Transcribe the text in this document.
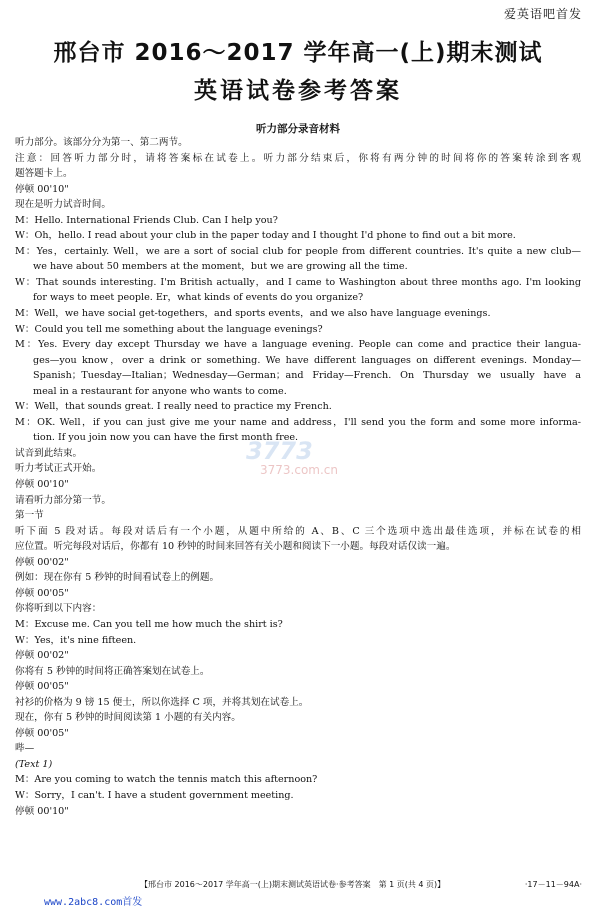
爱英语吧首发
邢台市 2016～2017 学年高一(上)期末测试
英语试卷参考答案
听力部分录音材料
3773
3773.com.cn
听力部分。该部分分为第一、第二两节。
注意：回答听力部分时，请将答案标在试卷上。听力部分结束后，你将有两分钟的时间将你的答案转涂到客观
题答题卡上。
停顿 00'10"
现在是听力试音时间。
M：Hello. International Friends Club. Can I help you?
W：Oh，hello. I read about your club in the paper today and I thought I'd phone to find out a bit more.
M：Yes，certainly. Well，we are a sort of social club for people from different countries. It's quite a new club—
we have about 50 members at the moment，but we are growing all the time.
W：That sounds interesting. I'm British actually，and I came to Washington about three months ago. I'm looking
for ways to meet people. Er，what kinds of events do you organize?
M：Well，we have social get-togethers，and sports events，and we also have language evenings.
W：Could you tell me something about the language evenings?
M：Yes. Every day except Thursday we have a language evening. People can come and practice their langua-
ges—you know，over a drink or something. We have different languages on different evenings. Monday—
Spanish；Tuesday—Italian；Wednesday—German；and Friday—French. On Thursday we usually have a
meal in a restaurant for anyone who wants to come.
W：Well，that sounds great. I really need to practice my French.
M：OK. Well，if you can just give me your name and address，I'll send you the form and some more informa-
tion. If you join now you can have the first month free.
试音到此结束。
听力考试正式开始。
停顿 00'10"
请看听力部分第一节。
第一节
听下面 5 段对话。每段对话后有一个小题，从题中所给的 A、B、C 三个选项中选出最佳选项，并标在试卷的相
应位置。听完每段对话后，你都有 10 秒钟的时间来回答有关小题和阅读下一小题。每段对话仅读一遍。
停顿 00'02"
例如：现在你有 5 秒钟的时间看试卷上的例题。
停顿 00'05"
你将听到以下内容：
M：Excuse me. Can you tell me how much the shirt is?
W：Yes，it's nine fifteen.
停顿 00'02"
你将有 5 秒钟的时间将正确答案划在试卷上。
停顿 00'05"
衬衫的价格为 9 镑 15 便士，所以你选择 C 项，并将其划在试卷上。
现在，你有 5 秒钟的时间阅读第 1 小题的有关内容。
停顿 00'05"
哔—
(Text 1)
M：Are you coming to watch the tennis match this afternoon?
W：Sorry，I can't. I have a student government meeting.
停顿 00'10"
【邢台市 2016～2017 学年高一(上)期末测试英语试卷·参考答案　第 1 页(共 4 页)】	·17－11－94A·
www.2abc8.com首发
